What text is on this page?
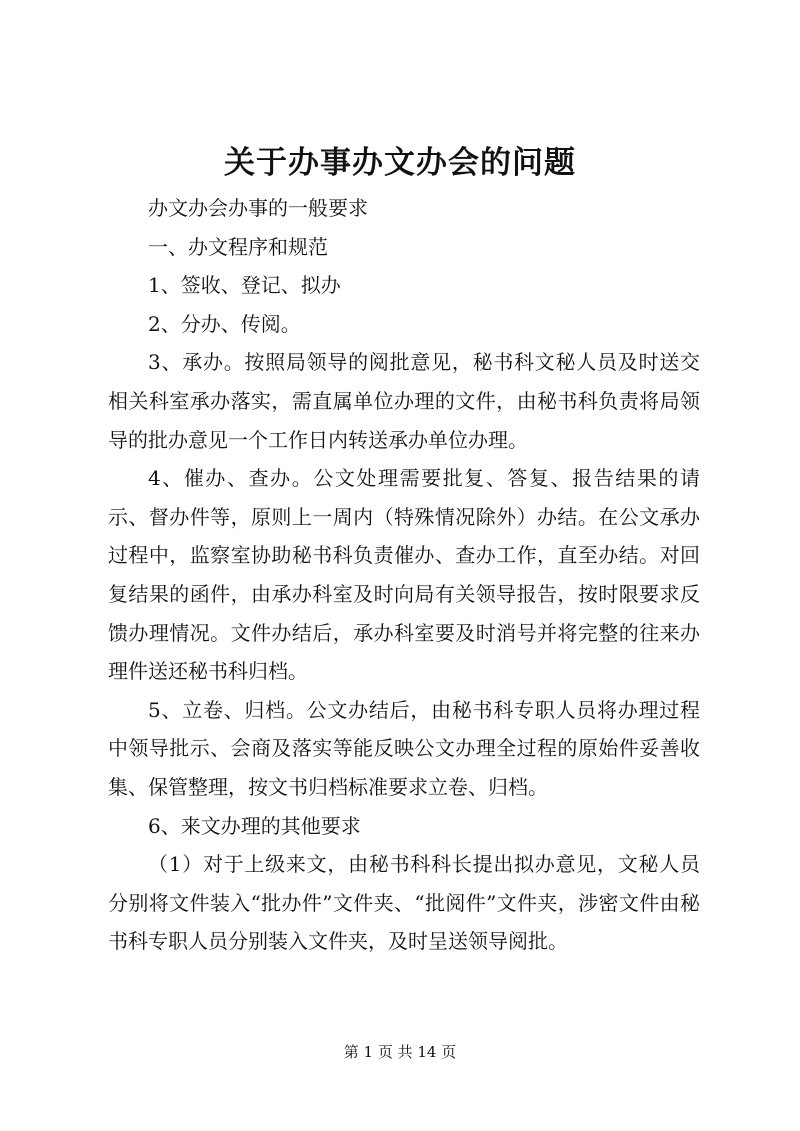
关于办事办文办会的问题

办文办会办事的一般要求

一、办文程序和规范

1、签收、登记、拟办

2、分办、传阅。

3、承办。按照局领导的阅批意见，秘书科文秘人员及时送交相关科室承办落实，需直属单位办理的文件，由秘书科负责将局领导的批办意见一个工作日内转送承办单位办理。

4、催办、查办。公文处理需要批复、答复、报告结果的请示、督办件等，原则上一周内（特殊情况除外）办结。在公文承办过程中，监察室协助秘书科负责催办、查办工作，直至办结。对回复结果的函件，由承办科室及时向局有关领导报告，按时限要求反馈办理情况。文件办结后，承办科室要及时消号并将完整的往来办理件送还秘书科归档。

5、立卷、归档。公文办结后，由秘书科专职人员将办理过程中领导批示、会商及落实等能反映公文办理全过程的原始件妥善收集、保管整理，按文书归档标准要求立卷、归档。

6、来文办理的其他要求

（1）对于上级来文，由秘书科科长提出拟办意见，文秘人员分别将文件装入“批办件”文件夹、“批阅件”文件夹，涉密文件由秘书科专职人员分别装入文件夹，及时呈送领导阅批。

第 1 页 共 14 页
